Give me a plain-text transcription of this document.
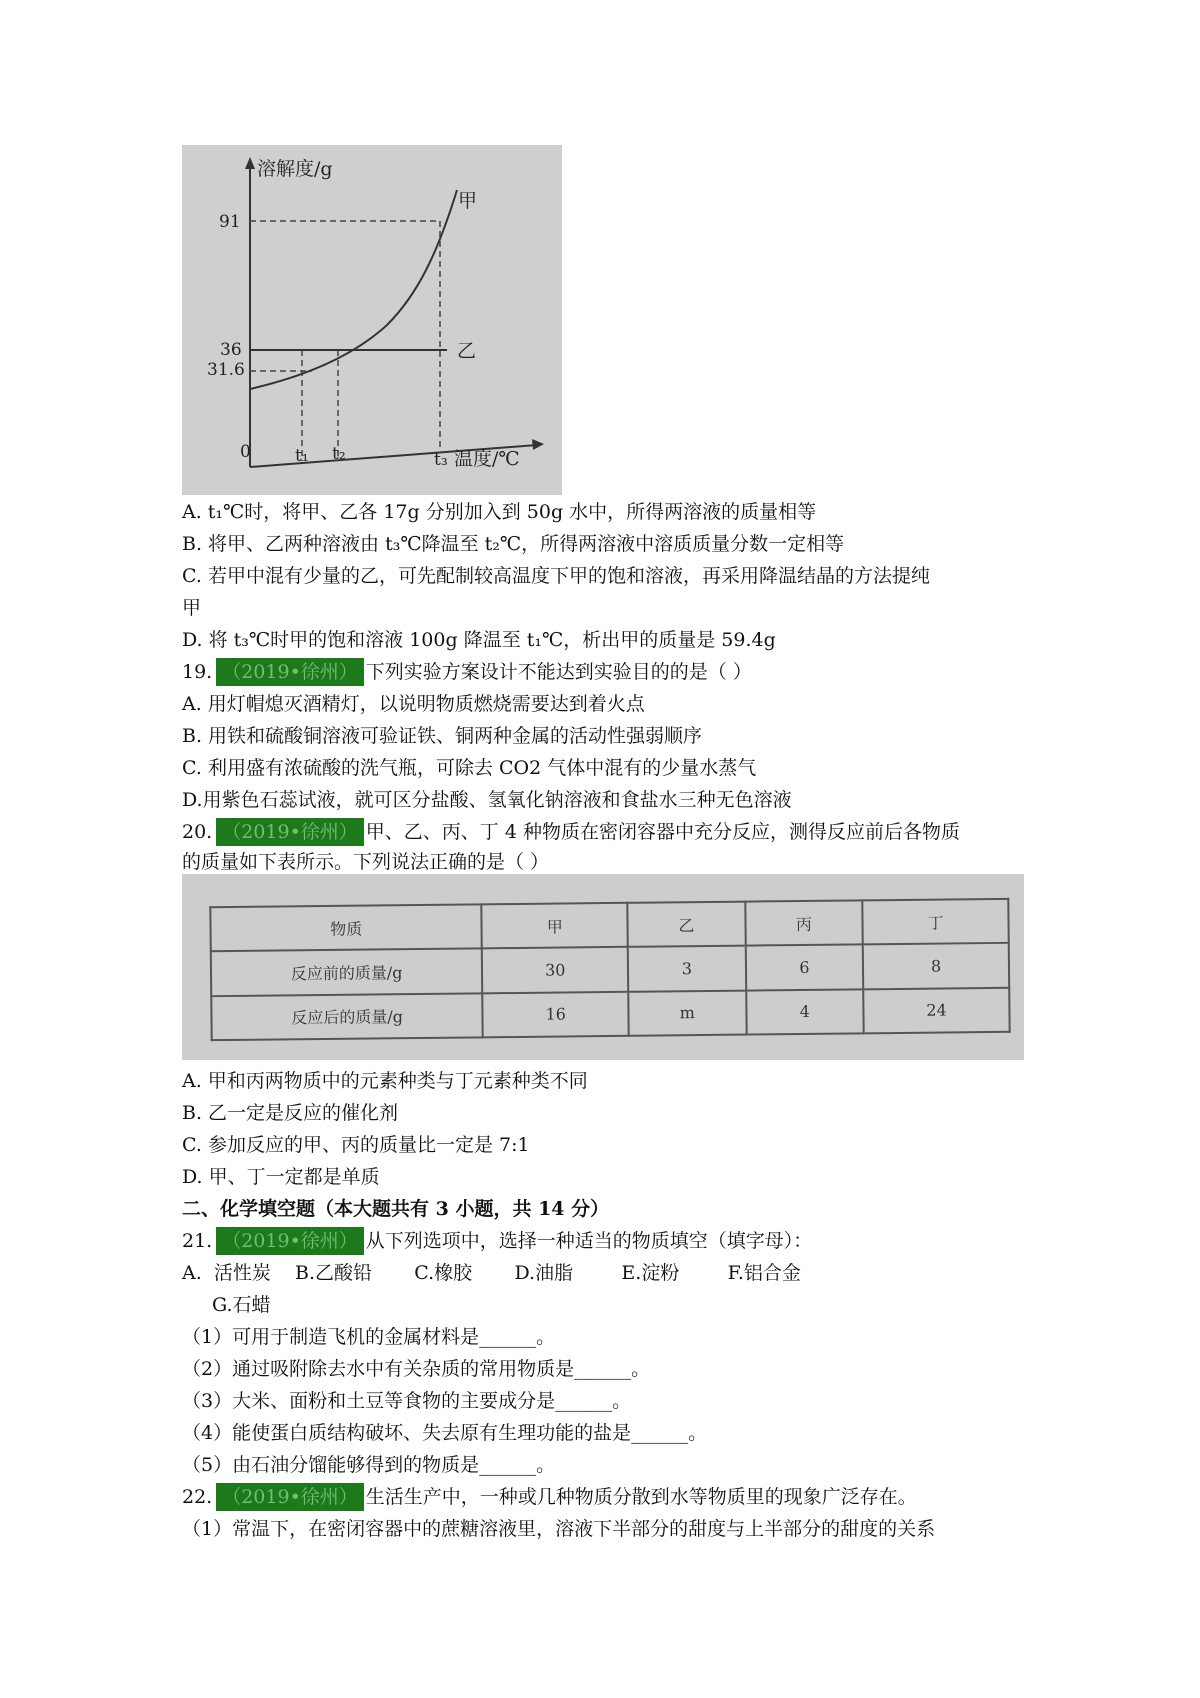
溶解度/g
甲
乙
91
36
31.6
0	t₁ t₂	t₃ 温度/℃
A. t₁℃时，将甲、乙各 17g 分别加入到 50g 水中，所得两溶液的质量相等
B. 将甲、乙两种溶液由 t₃℃降温至 t₂℃，所得两溶液中溶质质量分数一定相等
C. 若甲中混有少量的乙，可先配制较高温度下甲的饱和溶液，再采用降温结晶的方法提纯
甲
D. 将 t₃℃时甲的饱和溶液 100g 降温至 t₁℃，析出甲的质量是 59.4g
19. （2019•徐州） 下列实验方案设计不能达到实验目的的是（ ）
A. 用灯帽熄灭酒精灯，以说明物质燃烧需要达到着火点
B. 用铁和硫酸铜溶液可验证铁、铜两种金属的活动性强弱顺序
C. 利用盛有浓硫酸的洗气瓶，可除去 CO2 气体中混有的少量水蒸气
D.用紫色石蕊试液，就可区分盐酸、氢氧化钠溶液和食盐水三种无色溶液
20. （2019•徐州） 甲、乙、丙、丁 4 种物质在密闭容器中充分反应，测得反应前后各物质
的质量如下表所示。下列说法正确的是（ ）
物质	甲	乙	丙	丁
反应前的质量/g	30	3	6	8
反应后的质量/g	16	m	4	24
A. 甲和丙两物质中的元素种类与丁元素种类不同
B. 乙一定是反应的催化剂
C. 参加反应的甲、丙的质量比一定是 7:1
D. 甲、丁一定都是单质
二、化学填空题（本大题共有 3 小题，共 14 分）
21. （2019•徐州） 从下列选项中，选择一种适当的物质填空（填字母）：
A.  活性炭    B.乙酸铅       C.橡胶       D.油脂        E.淀粉        F.铝合金
G.石蜡
（1）可用于制造飞机的金属材料是______。
（2）通过吸附除去水中有关杂质的常用物质是______。
（3）大米、面粉和土豆等食物的主要成分是______。
（4）能使蛋白质结构破坏、失去原有生理功能的盐是______。
（5）由石油分馏能够得到的物质是______。
22. （2019•徐州） 生活生产中，一种或几种物质分散到水等物质里的现象广泛存在。
（1）常温下，在密闭容器中的蔗糖溶液里，溶液下半部分的甜度与上半部分的甜度的关系
